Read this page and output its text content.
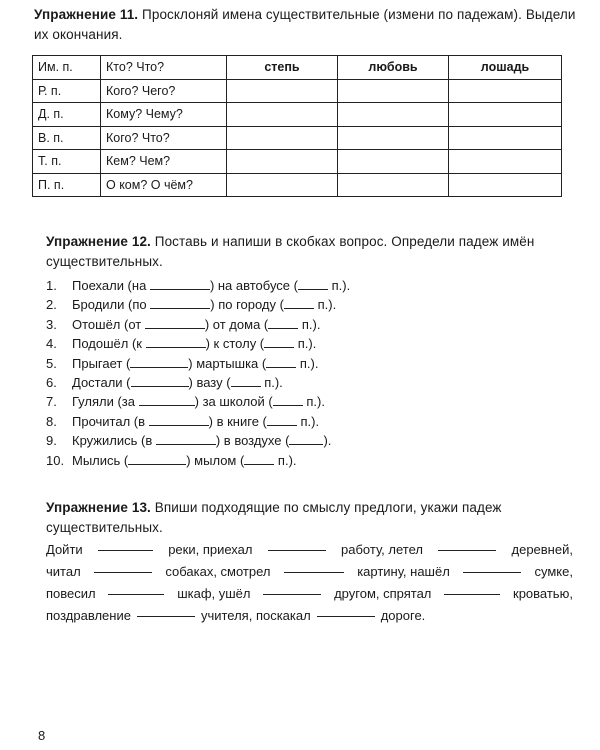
Упражнение 11. Просклоняй имена существительные (измени по падежам). Выдели их окончания.
Им. п.	Кто? Что?	степь	любовь	лошадь
Р. п.	Кого? Чего?			
Д. п.	Кому? Чему?			
В. п.	Кого? Что?			
Т. п.	Кем? Чем?			
П. п.	О ком? О чём?			
Упражнение 12. Поставь и напиши в скобках вопрос. Определи падеж имён существительных.
1. Поехали (на	) на автобусе (	п.).
2. Бродили (по	) по городу (	п.).
3. Отошёл (от	) от дома (	п.).
4. Подошёл (к	) к столу (	п.).
5. Прыгает (	) мартышка (	п.).
6. Достали (	) вазу (	п.).
7. Гуляли (за	) за школой (	п.).
8. Прочитал (в	) в книге (	п.).
9. Кружились (в	) в воздухе (	).
10. Мылись (	) мылом (	п.).
Упражнение 13. Впиши подходящие по смыслу предлоги, укажи падеж существительных.
Дойти	реки, приехал	работу, летел	деревней,
читал	собаках, смотрел	картину, нашёл	сумке,
повесил	шкаф, ушёл	другом, спрятал	кроватью,
поздравление	учителя, поскакал	дороге.
8
